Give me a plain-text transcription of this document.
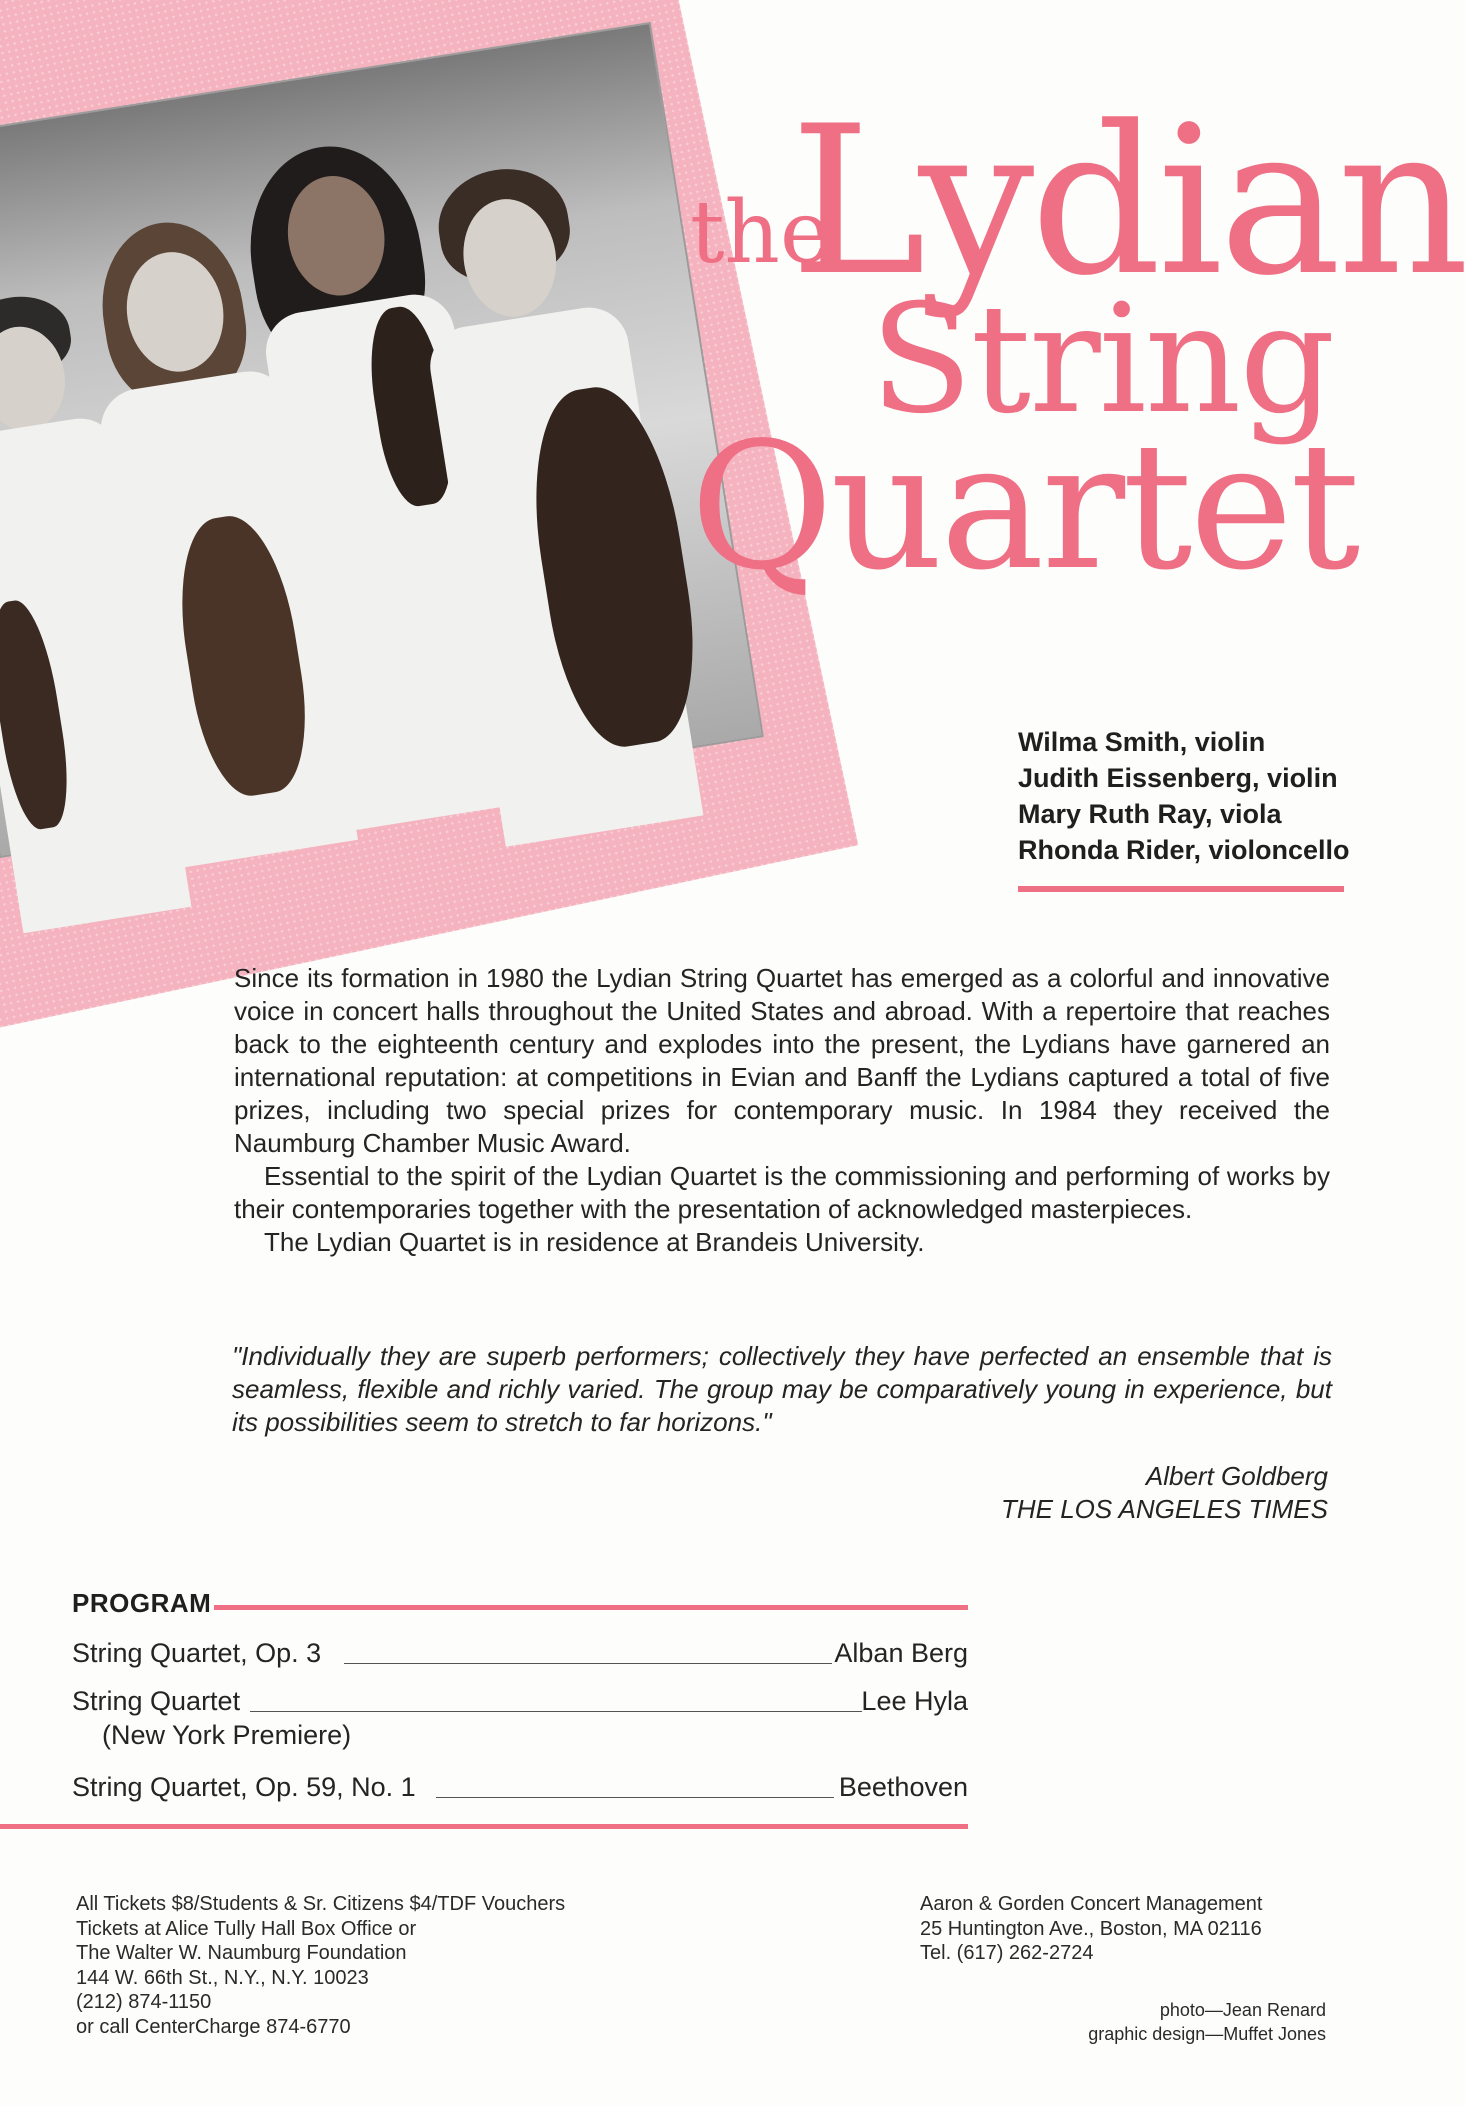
the
Lydian
String
Quartet
Wilma Smith, violin
Judith Eissenberg, violin
Mary Ruth Ray, viola
Rhonda Rider, violoncello

Since its formation in 1980 the Lydian String Quartet has emerged as a colorful and innovative voice in concert halls throughout the United States and abroad. With a repertoire that reaches back to the eighteenth century and explodes into the present, the Lydians have garnered an international reputation: at competitions in Evian and Banff the Lydians captured a total of five prizes, including two special prizes for contemporary music. In 1984 they received the Naumburg Chamber Music Award.

Essential to the spirit of the Lydian Quartet is the commissioning and performing of works by their contemporaries together with the presentation of acknowledged masterpieces.

The Lydian Quartet is in residence at Brandeis University.

"Individually they are superb performers; collectively they have perfected an ensemble that is seamless, flexible and richly varied. The group may be comparatively young in experience, but its possibilities seem to stretch to far horizons."
Albert Goldberg
THE LOS ANGELES TIMES
PROGRAM
String Quartet, Op. 3	Alban Berg
String Quartet	Lee Hyla
(New York Premiere)
String Quartet, Op. 59, No. 1	Beethoven
All Tickets $8/Students & Sr. Citizens $4/TDF Vouchers
Tickets at Alice Tully Hall Box Office or
The Walter W. Naumburg Foundation
144 W. 66th St., N.Y., N.Y. 10023
(212) 874-1150
or call CenterCharge 874-6770
Aaron & Gorden Concert Management
25 Huntington Ave., Boston, MA 02116
Tel. (617) 262-2724
photo—Jean Renard
graphic design—Muffet Jones
